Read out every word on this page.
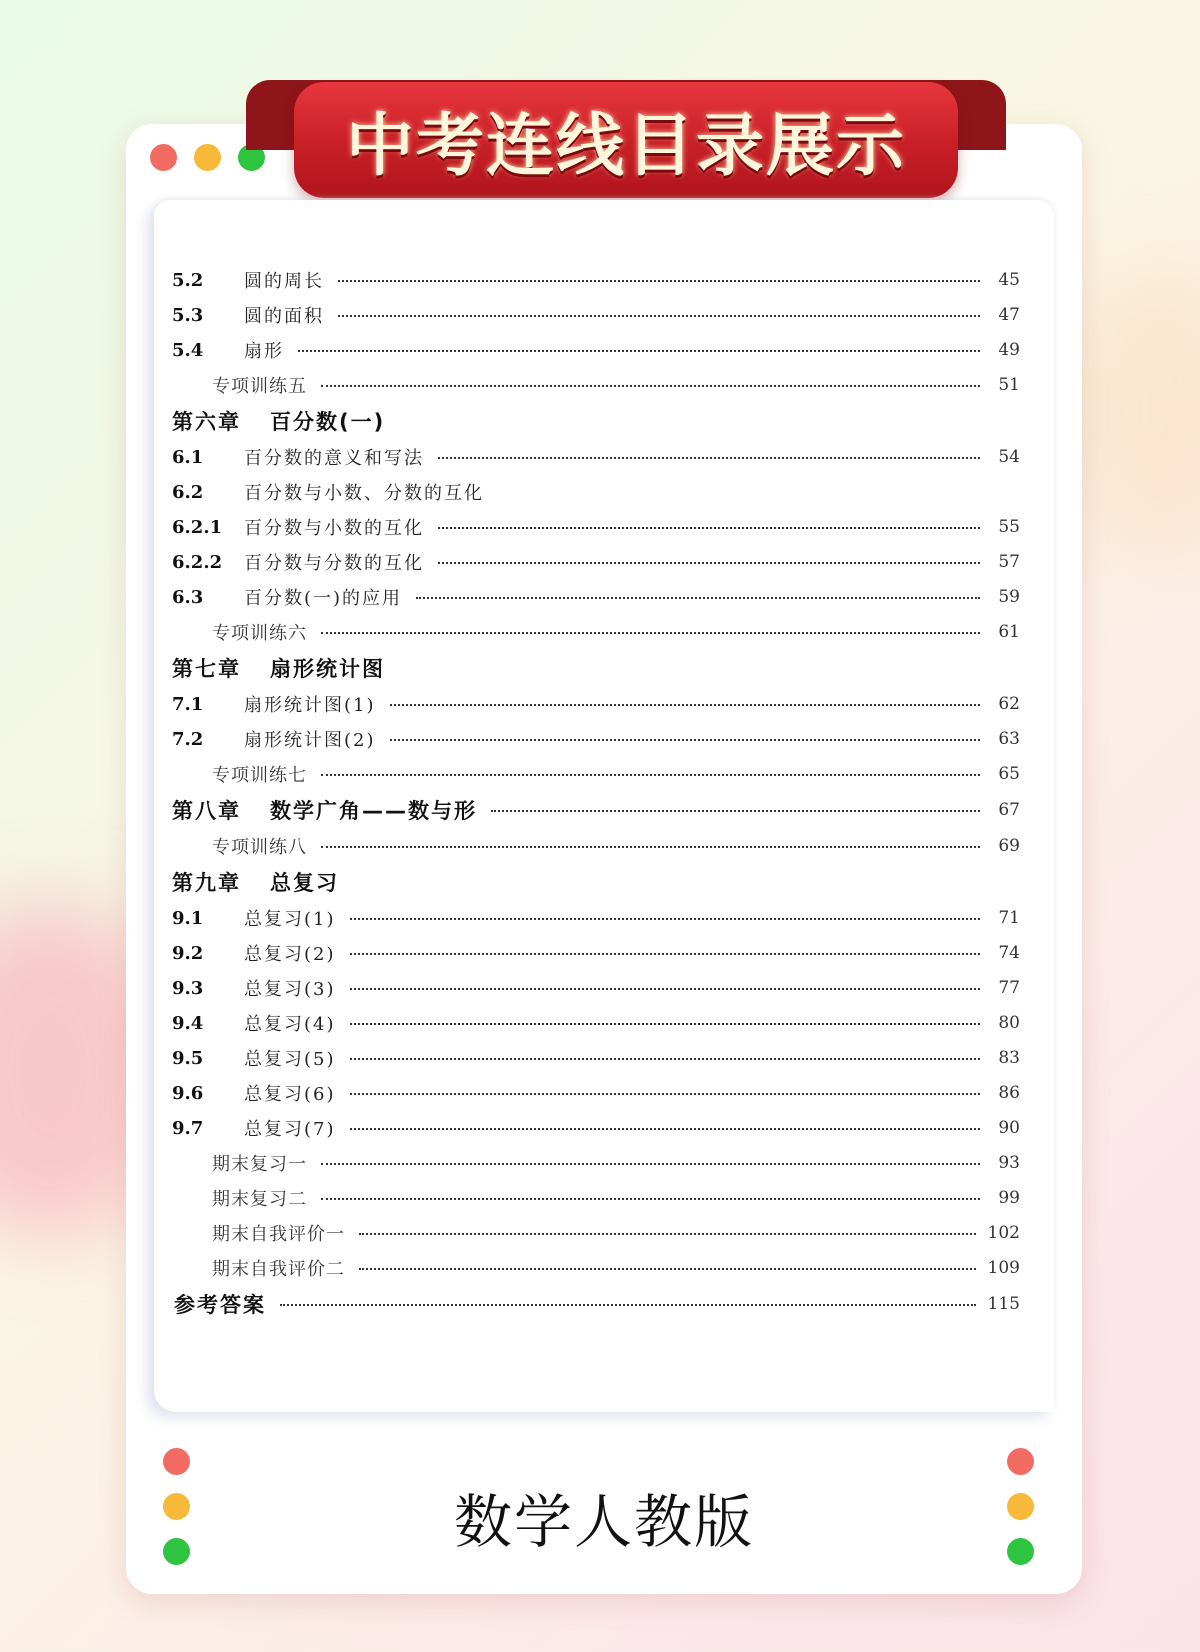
中考连线目录展示
5.2	圆的周长	45
5.3	圆的面积	47
5.4	扇形	49
专项训练五	51
第六章	百分数(一)
6.1	百分数的意义和写法	54
6.2	百分数与小数、分数的互化
6.2.1	百分数与小数的互化	55
6.2.2	百分数与分数的互化	57
6.3	百分数(一)的应用	59
专项训练六	61
第七章	扇形统计图
7.1	扇形统计图(1)	62
7.2	扇形统计图(2)	63
专项训练七	65
第八章	数学广角——数与形	67
专项训练八	69
第九章	总复习
9.1	总复习(1)	71
9.2	总复习(2)	74
9.3	总复习(3)	77
9.4	总复习(4)	80
9.5	总复习(5)	83
9.6	总复习(6)	86
9.7	总复习(7)	90
期末复习一	93
期末复习二	99
期末自我评价一	102
期末自我评价二	109
参考答案	115
数学人教版
